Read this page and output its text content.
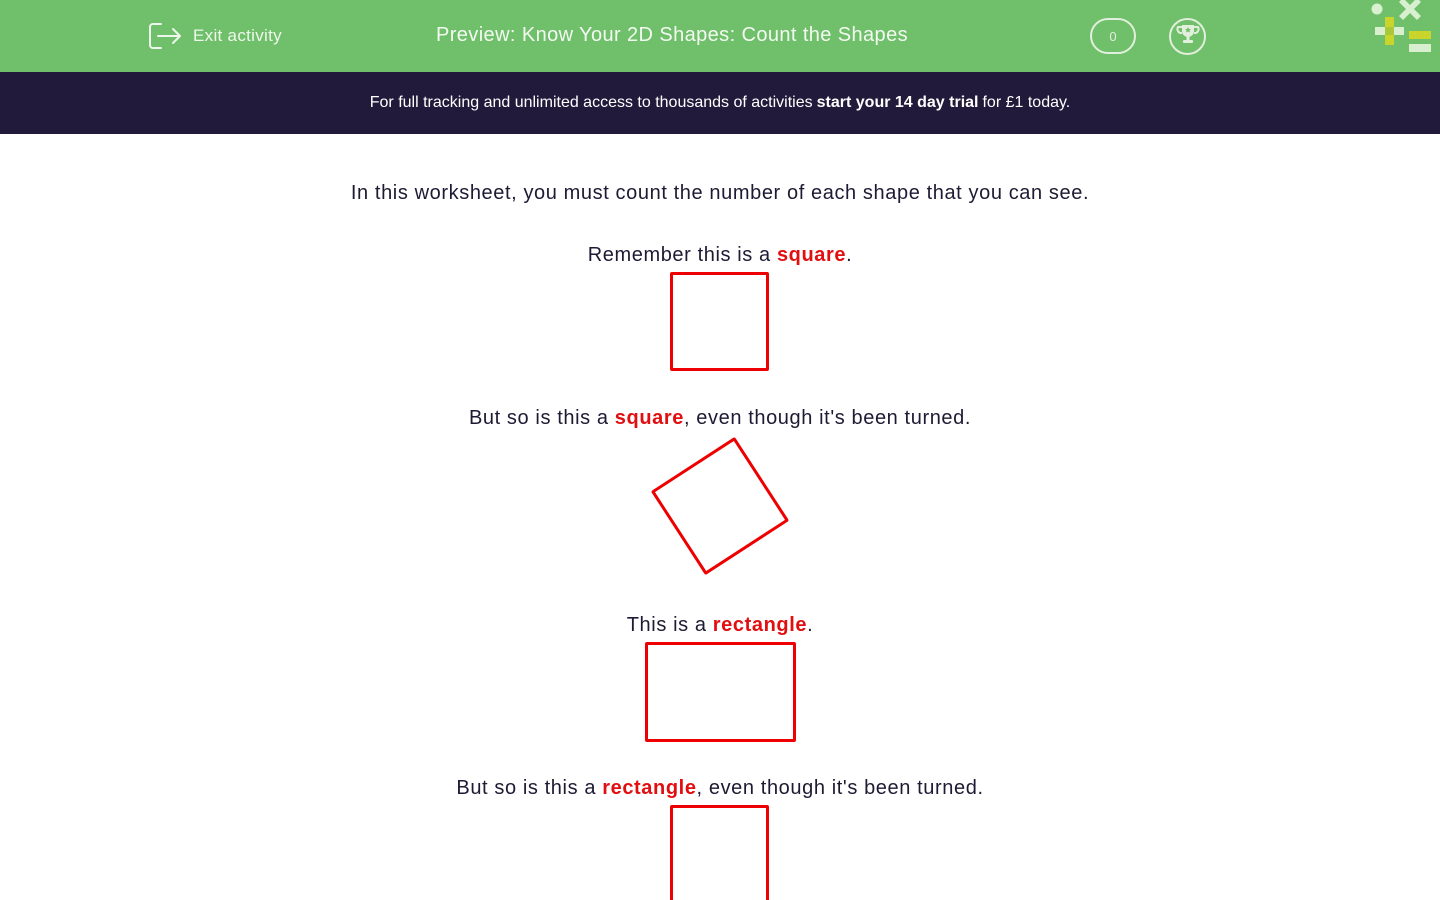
Exit activity	Preview: Know Your 2D Shapes: Count the Shapes	0
For full tracking and unlimited access to thousands of activities start your 14 day trial for £1 today.
In this worksheet, you must count the number of each shape that you can see.
Remember this is a square.
But so is this a square, even though it's been turned.
This is a rectangle.
But so is this a rectangle, even though it's been turned.
